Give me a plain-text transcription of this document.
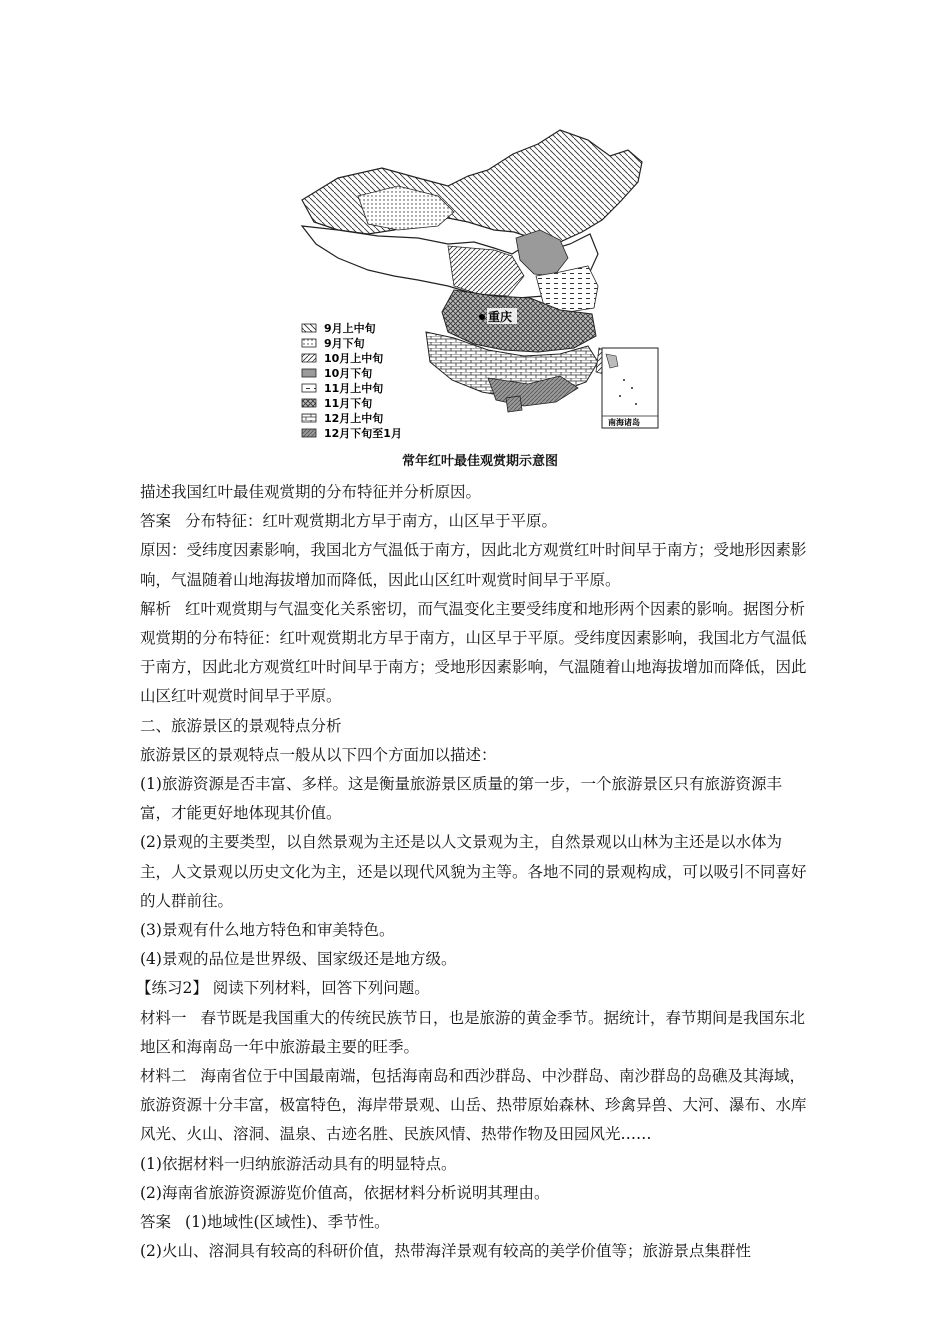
重庆
南海诸岛
9月上中旬
9月下旬
10月上中旬
10月下旬
11月上中旬
11月下旬
12月上中旬
12月下旬至1月
常年红叶最佳观赏期示意图

描述我国红叶最佳观赏期的分布特征并分析原因。

答案 分布特征：红叶观赏期北方早于南方，山区早于平原。

原因：受纬度因素影响，我国北方气温低于南方，因此北方观赏红叶时间早于南方；受地形因素影响，气温随着山地海拔增加而降低，因此山区红叶观赏时间早于平原。

解析 红叶观赏期与气温变化关系密切，而气温变化主要受纬度和地形两个因素的影响。据图分析观赏期的分布特征：红叶观赏期北方早于南方，山区早于平原。受纬度因素影响，我国北方气温低于南方，因此北方观赏红叶时间早于南方；受地形因素影响，气温随着山地海拔增加而降低，因此山区红叶观赏时间早于平原。

二、旅游景区的景观特点分析

旅游景区的景观特点一般从以下四个方面加以描述：

(1)旅游资源是否丰富、多样。这是衡量旅游景区质量的第一步，一个旅游景区只有旅游资源丰富，才能更好地体现其价值。

(2)景观的主要类型，以自然景观为主还是以人文景观为主，自然景观以山林为主还是以水体为主，人文景观以历史文化为主，还是以现代风貌为主等。各地不同的景观构成，可以吸引不同喜好的人群前往。

(3)景观有什么地方特色和审美特色。

(4)景观的品位是世界级、国家级还是地方级。

【练习2】 阅读下列材料，回答下列问题。

材料一 春节既是我国重大的传统民族节日，也是旅游的黄金季节。据统计，春节期间是我国东北地区和海南岛一年中旅游最主要的旺季。

材料二 海南省位于中国最南端，包括海南岛和西沙群岛、中沙群岛、南沙群岛的岛礁及其海域，旅游资源十分丰富，极富特色，海岸带景观、山岳、热带原始森林、珍禽异兽、大河、瀑布、水库风光、火山、溶洞、温泉、古迹名胜、民族风情、热带作物及田园风光……

(1)依据材料一归纳旅游活动具有的明显特点。

(2)海南省旅游资源游览价值高，依据材料分析说明其理由。

答案 (1)地域性(区域性)、季节性。

(2)火山、溶洞具有较高的科研价值，热带海洋景观有较高的美学价值等；旅游景点集群性
